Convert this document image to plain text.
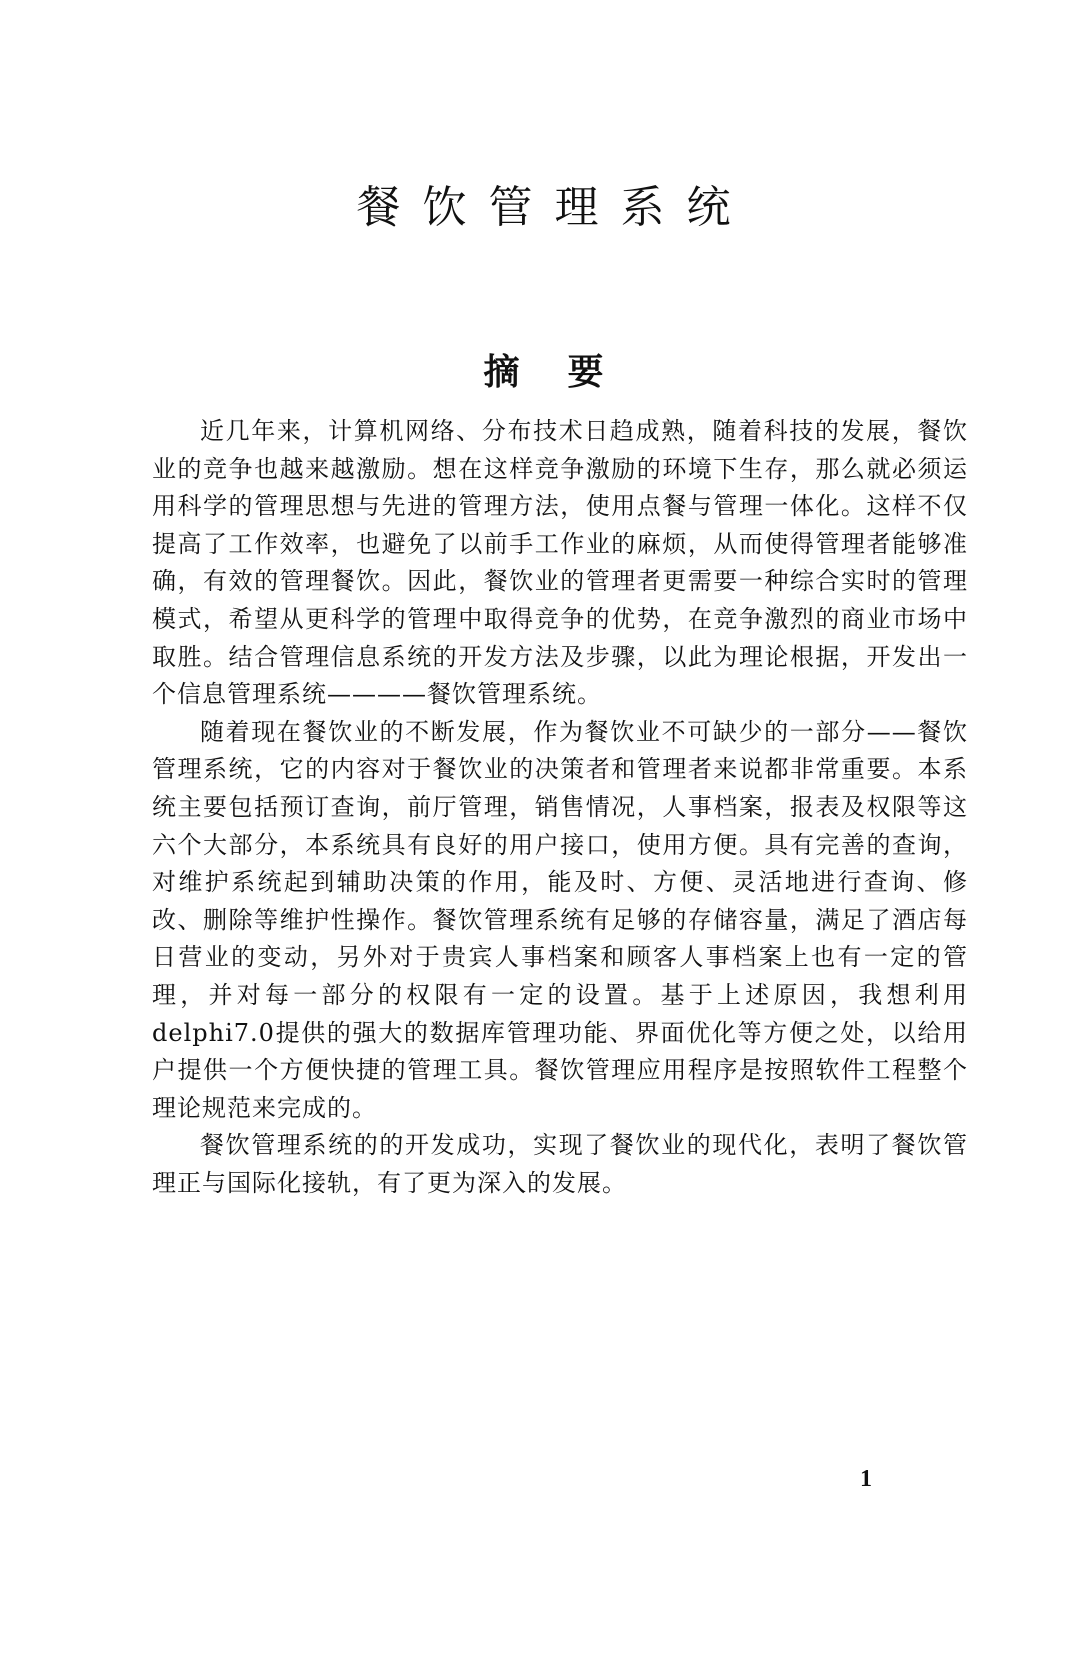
餐饮管理系统
摘要

近几年来，计算机网络、分布技术日趋成熟，随着科技的发展，餐饮业的竞争也越来越激励。想在这样竞争激励的环境下生存，那么就必须运用科学的管理思想与先进的管理方法，使用点餐与管理一体化。这样不仅提高了工作效率，也避免了以前手工作业的麻烦，从而使得管理者能够准确，有效的管理餐饮。因此，餐饮业的管理者更需要一种综合实时的管理模式，希望从更科学的管理中取得竞争的优势，在竞争激烈的商业市场中取胜。结合管理信息系统的开发方法及步骤，以此为理论根据，开发出一个信息管理系统————餐饮管理系统。

随着现在餐饮业的不断发展，作为餐饮业不可缺少的一部分——餐饮管理系统，它的内容对于餐饮业的决策者和管理者来说都非常重要。本系统主要包括预订查询，前厅管理，销售情况，人事档案，报表及权限等这六个大部分，本系统具有良好的用户接口，使用方便。具有完善的查询，对维护系统起到辅助决策的作用，能及时、方便、灵活地进行查询、修改、删除等维护性操作。餐饮管理系统有足够的存储容量，满足了酒店每日营业的变动，另外对于贵宾人事档案和顾客人事档案上也有一定的管理，并对每一部分的权限有一定的设置。基于上述原因，我想利用delphi7.0提供的强大的数据库管理功能、界面优化等方便之处，以给用户提供一个方便快捷的管理工具。餐饮管理应用程序是按照软件工程整个理论规范来完成的。

餐饮管理系统的的开发成功，实现了餐饮业的现代化，表明了餐饮管理正与国际化接轨，有了更为深入的发展。

1
